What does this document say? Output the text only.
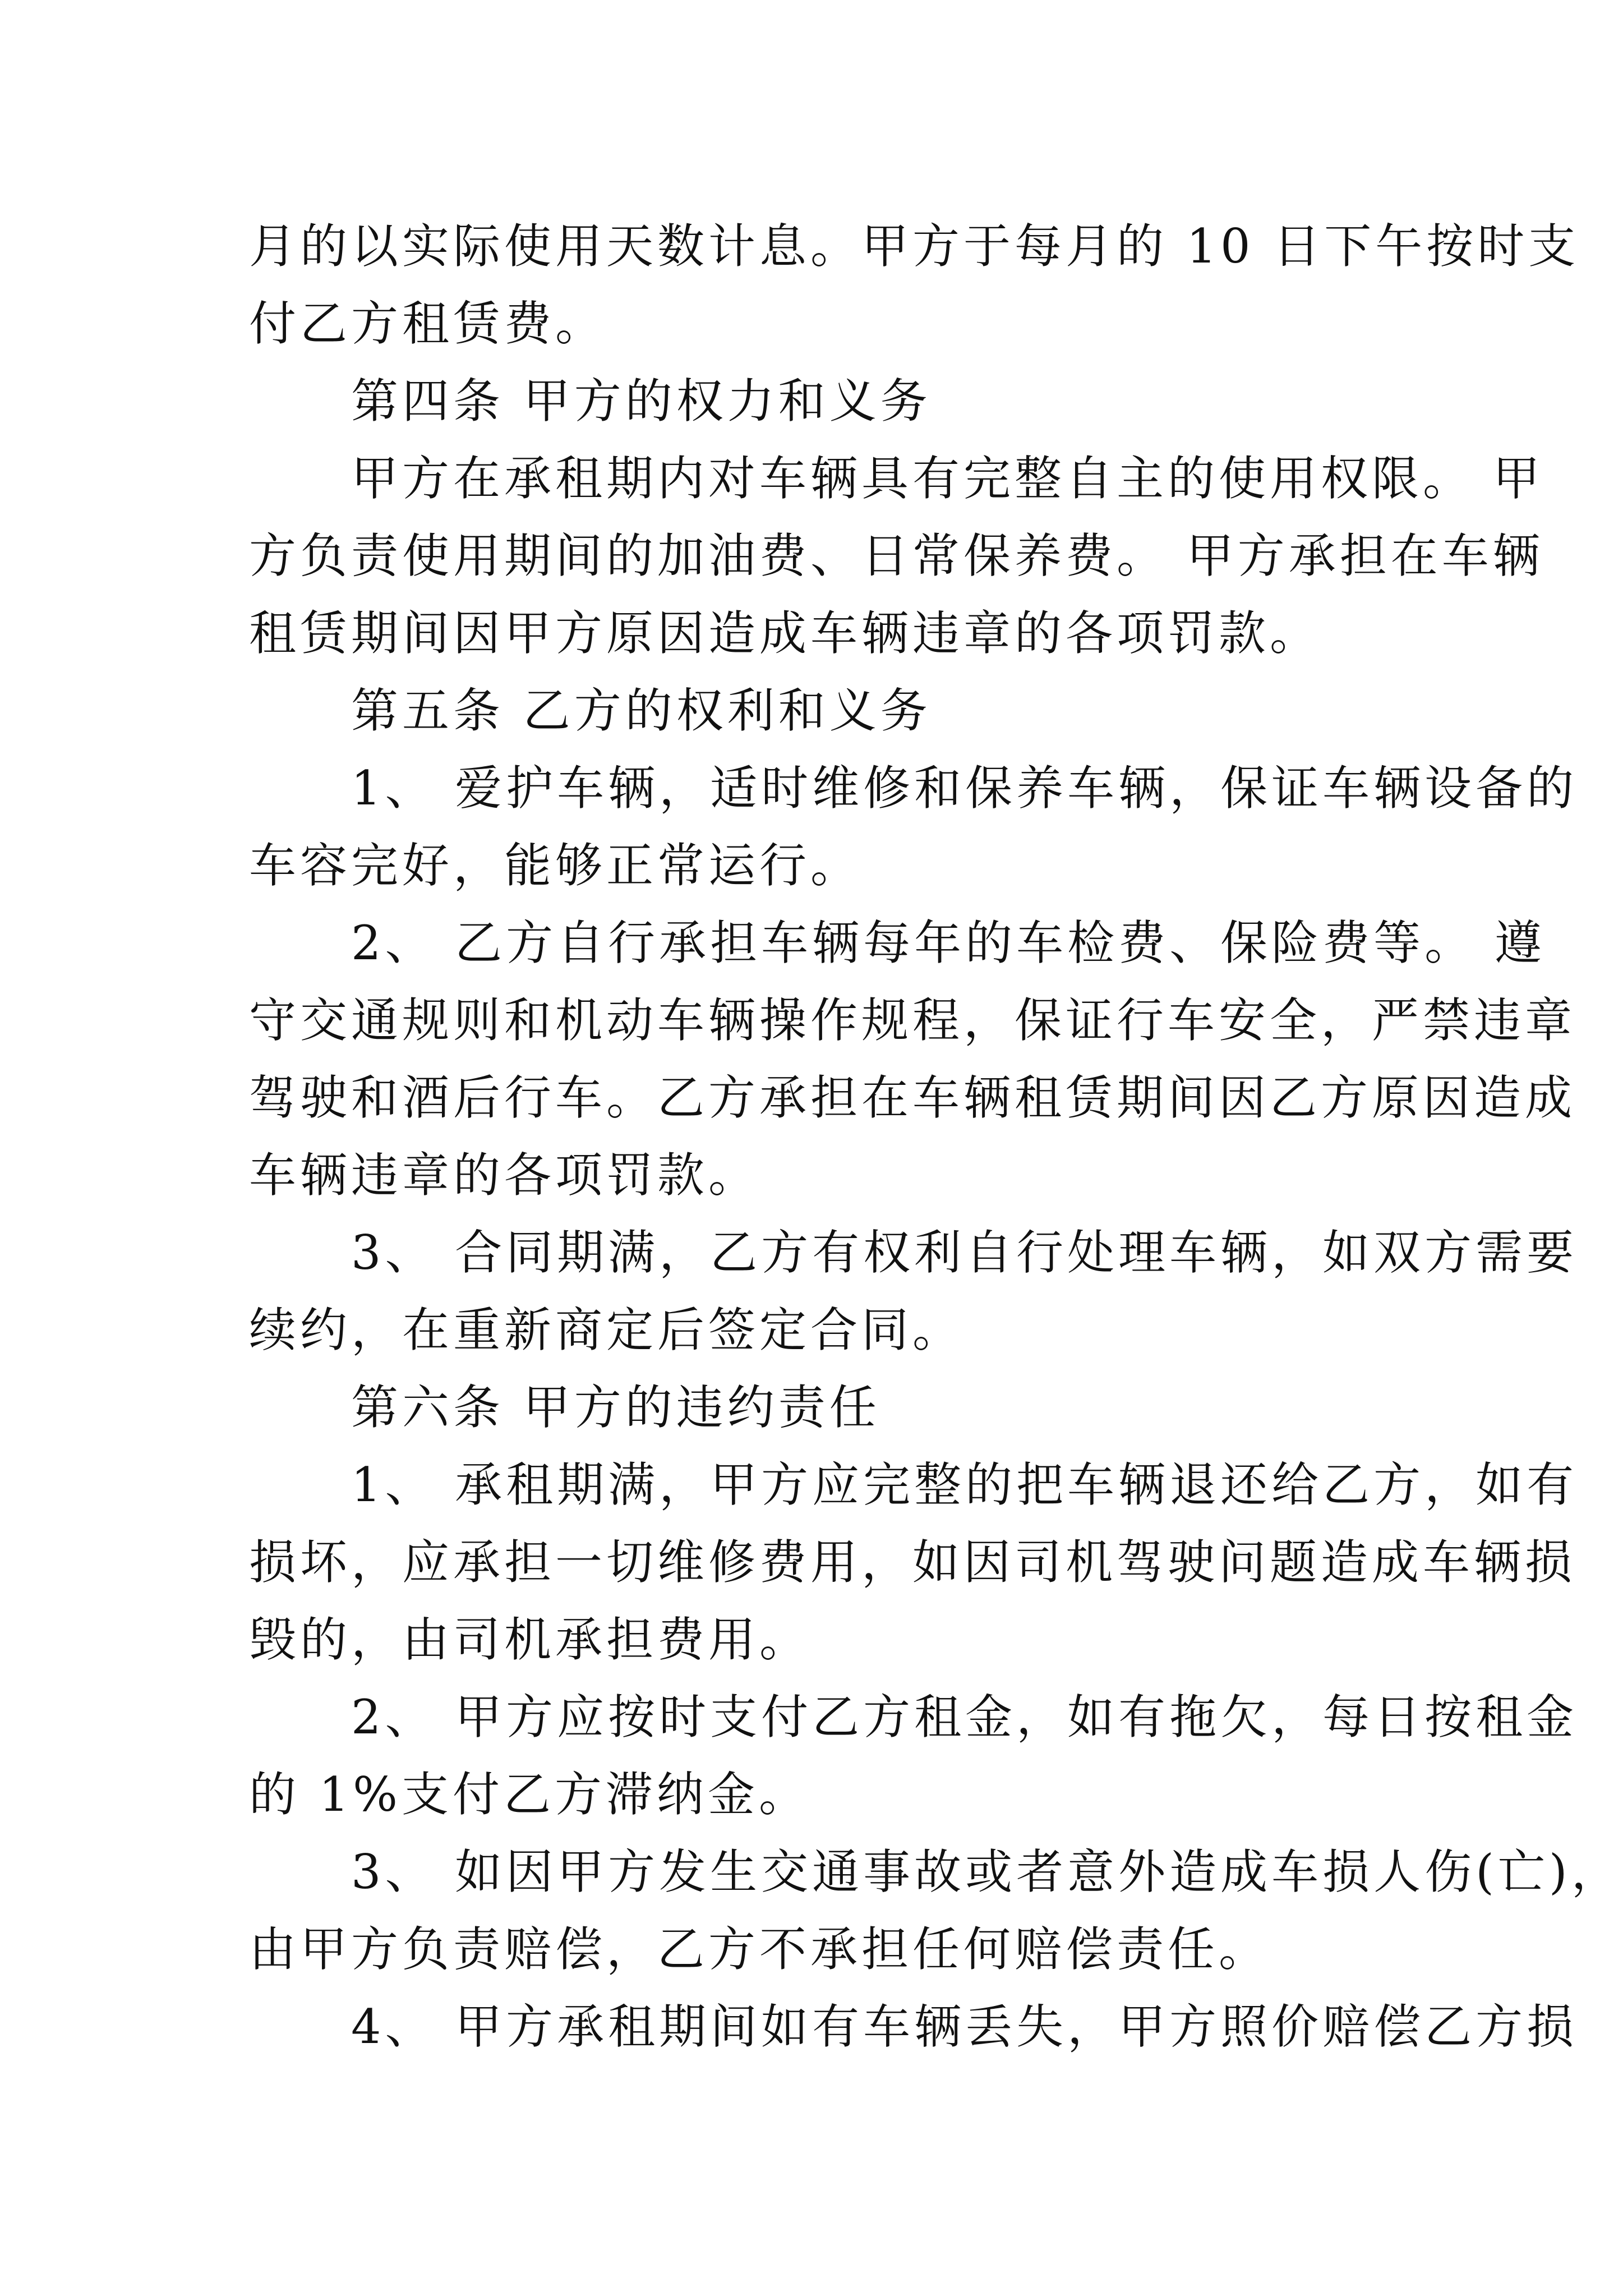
月的以实际使用天数计息。甲方于每月的 10 日下午按时支
付乙方租赁费。
　　第四条 甲方的权力和义务
　　甲方在承租期内对车辆具有完整自主的使用权限。 甲
方负责使用期间的加油费、日常保养费。 甲方承担在车辆
租赁期间因甲方原因造成车辆违章的各项罚款。
　　第五条 乙方的权利和义务
　　1、 爱护车辆，适时维修和保养车辆，保证车辆设备的
车容完好，能够正常运行。
　　2、 乙方自行承担车辆每年的车检费、保险费等。 遵
守交通规则和机动车辆操作规程，保证行车安全，严禁违章
驾驶和酒后行车。乙方承担在车辆租赁期间因乙方原因造成
车辆违章的各项罚款。
　　3、 合同期满，乙方有权利自行处理车辆，如双方需要
续约，在重新商定后签定合同。
　　第六条 甲方的违约责任
　　1、 承租期满，甲方应完整的把车辆退还给乙方，如有
损坏，应承担一切维修费用，如因司机驾驶问题造成车辆损
毁的，由司机承担费用。
　　2、 甲方应按时支付乙方租金，如有拖欠，每日按租金
的 1%支付乙方滞纳金。
　　3、 如因甲方发生交通事故或者意外造成车损人伤(亡)，
由甲方负责赔偿，乙方不承担任何赔偿责任。
　　4、 甲方承租期间如有车辆丢失，甲方照价赔偿乙方损
